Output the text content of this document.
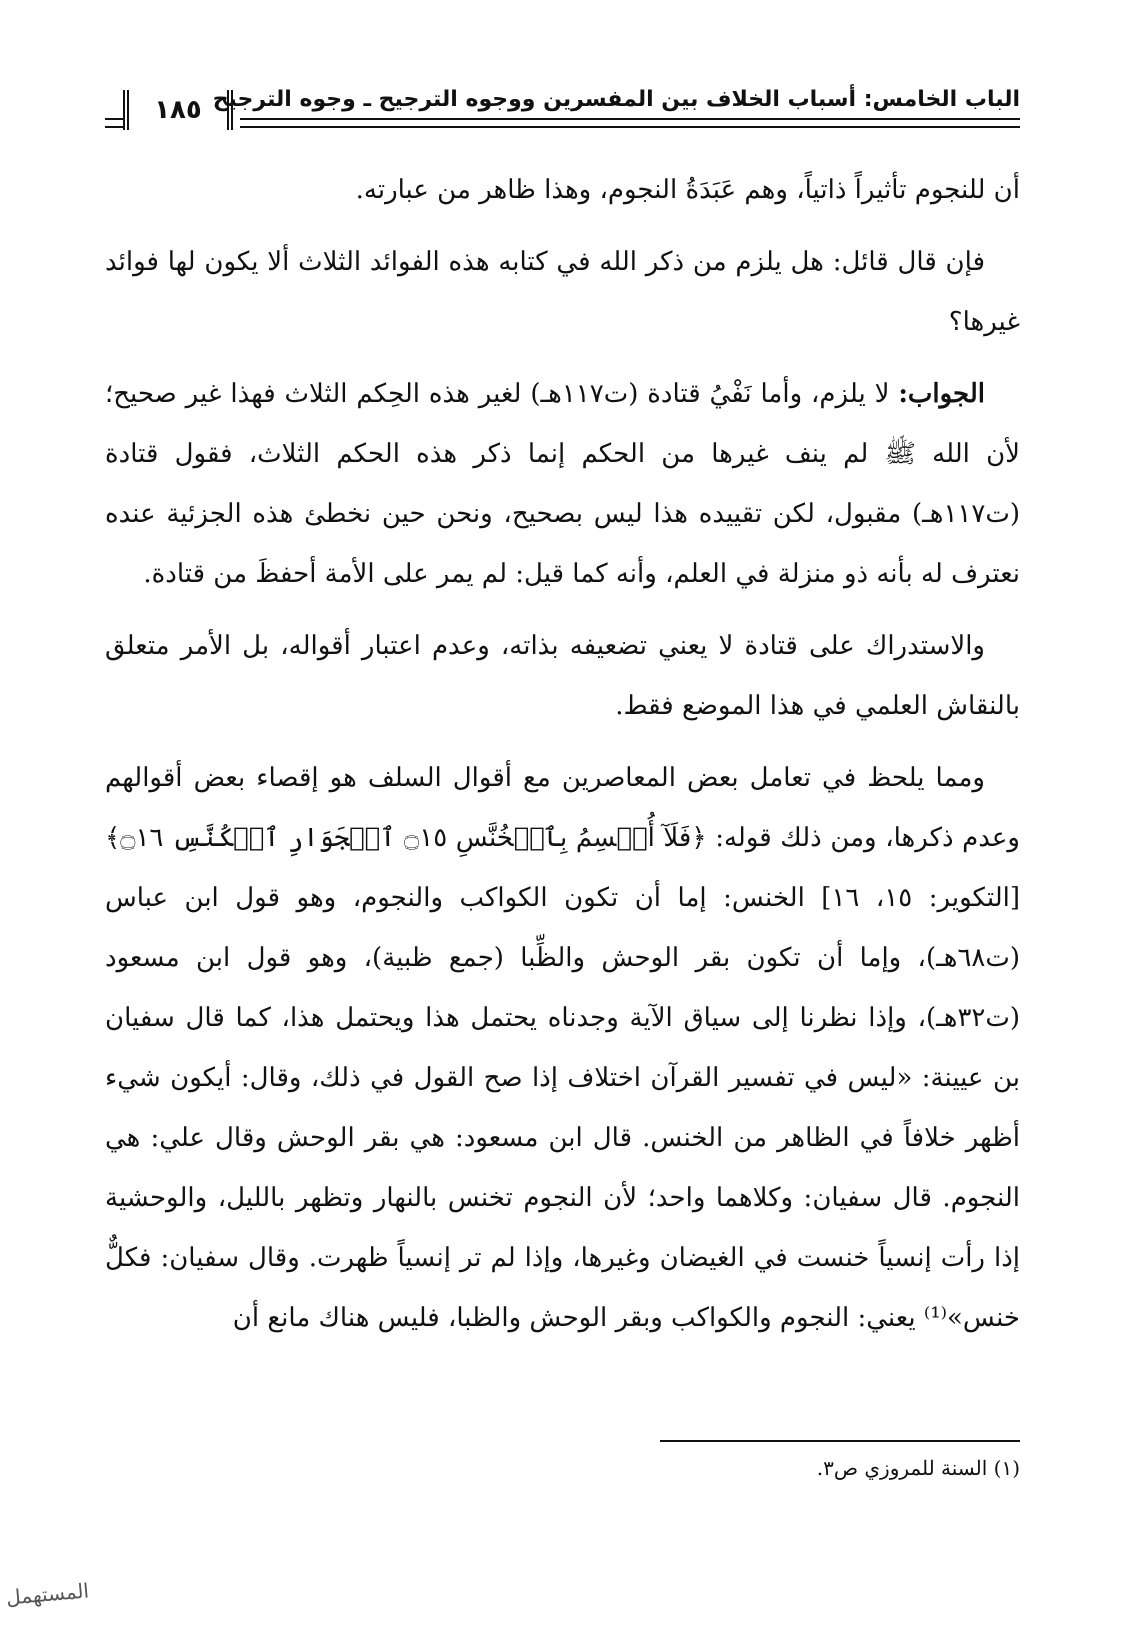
الباب الخامس: أسباب الخلاف بين المفسرين ووجوه الترجيح ـ وجوه الترجيح
١٨٥

أن للنجوم تأثيراً ذاتياً، وهم عَبَدَةُ النجوم، وهذا ظاهر من عبارته.

فإن قال قائل: هل يلزم من ذكر الله في كتابه هذه الفوائد الثلاث ألا يكون لها فوائد غيرها؟

الجواب: لا يلزم، وأما نَفْيُ قتادة (ت١١٧هـ) لغير هذه الحِكم الثلاث فهذا غير صحيح؛ لأن الله ﷺ لم ينف غيرها من الحكم إنما ذكر هذه الحكم الثلاث، فقول قتادة (ت١١٧هـ) مقبول، لكن تقييده هذا ليس بصحيح، ونحن حين نخطئ هذه الجزئية عنده نعترف له بأنه ذو منزلة في العلم، وأنه كما قيل: لم يمر على الأمة أحفظَ من قتادة.

والاستدراك على قتادة لا يعني تضعيفه بذاته، وعدم اعتبار أقواله، بل الأمر متعلق بالنقاش العلمي في هذا الموضع فقط.

ومما يلحظ في تعامل بعض المعاصرين مع أقوال السلف هو إقصاء بعض أقوالهم وعدم ذكرها، ومن ذلك قوله: ﴿فَلَآ أُقۡسِمُ بِٱلۡخُنَّسِ ۝١٥ ٱلۡجَوَارِ ٱلۡكُنَّسِ ۝١٦﴾ [التكوير: ١٥، ١٦] الخنس: إما أن تكون الكواكب والنجوم، وهو قول ابن عباس (ت٦٨هـ)، وإما أن تكون بقر الوحش والظِّبا (جمع ظبية)، وهو قول ابن مسعود (ت٣٢هـ)، وإذا نظرنا إلى سياق الآية وجدناه يحتمل هذا ويحتمل هذا، كما قال سفيان بن عيينة: «ليس في تفسير القرآن اختلاف إذا صح القول في ذلك، وقال: أيكون شيء أظهر خلافاً في الظاهر من الخنس. قال ابن مسعود: هي بقر الوحش وقال علي: هي النجوم. قال سفيان: وكلاهما واحد؛ لأن النجوم تخنس بالنهار وتظهر بالليل، والوحشية إذا رأت إنسياً خنست في الغيضان وغيرها، وإذا لم تر إنسياً ظهرت. وقال سفيان: فكلٌّ خنس»⁽¹⁾ يعني: النجوم والكواكب وبقر الوحش والظبا، فليس هناك مانع أن

(١) السنة للمروزي ص٣.
المستهمل
